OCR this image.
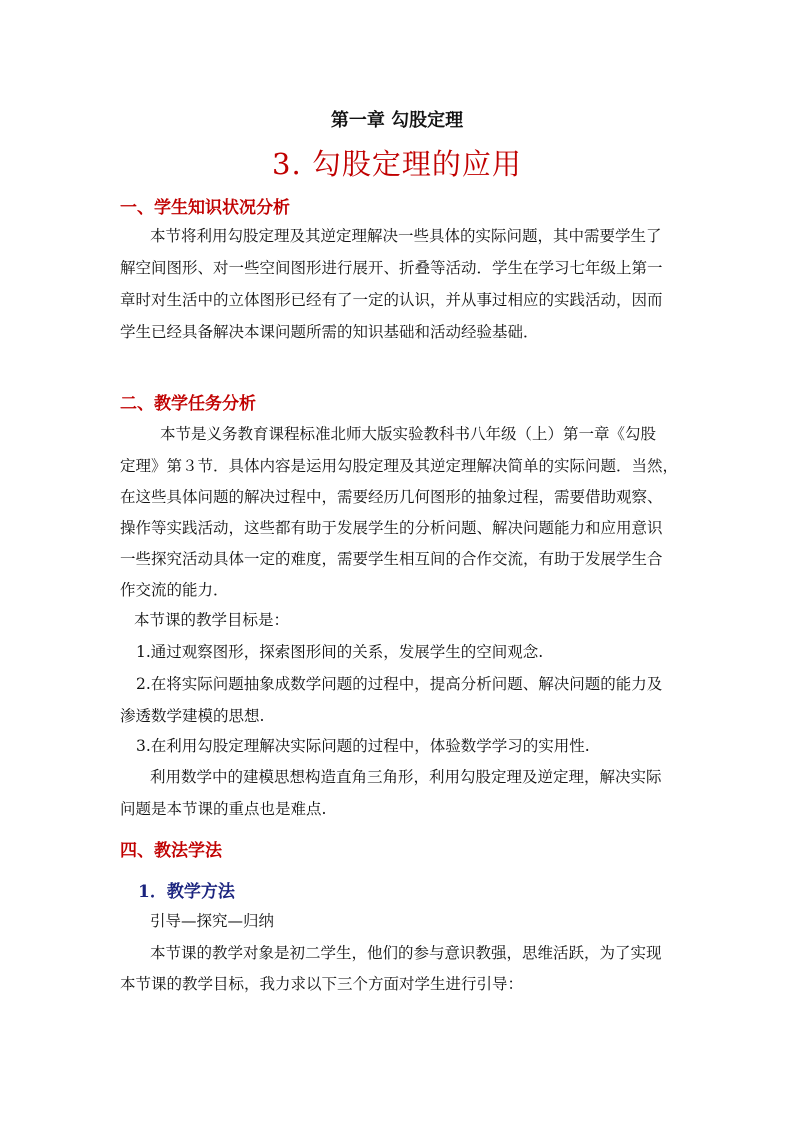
第一章 勾股定理
3. 勾股定理的应用
一、学生知识状况分析
本节将利用勾股定理及其逆定理解决一些具体的实际问题，其中需要学生了
解空间图形、对一些空间图形进行展开、折叠等活动．学生在学习七年级上第一
章时对生活中的立体图形已经有了一定的认识，并从事过相应的实践活动，因而
学生已经具备解决本课问题所需的知识基础和活动经验基础．
二、教学任务分析
本节是义务教育课程标准北师大版实验教科书八年级（上）第一章《勾股
定理》第３节．具体内容是运用勾股定理及其逆定理解决简单的实际问题．当然，
在这些具体问题的解决过程中，需要经历几何图形的抽象过程，需要借助观察、
操作等实践活动，这些都有助于发展学生的分析问题、解决问题能力和应用意识
一些探究活动具体一定的难度，需要学生相互间的合作交流，有助于发展学生合
作交流的能力．
本节课的教学目标是：
1.通过观察图形，探索图形间的关系，发展学生的空间观念.
2.在将实际问题抽象成数学问题的过程中，提高分析问题、解决问题的能力及
渗透数学建模的思想.
3.在利用勾股定理解决实际问题的过程中，体验数学学习的实用性.
利用数学中的建模思想构造直角三角形，利用勾股定理及逆定理，解决实际
问题是本节课的重点也是难点.
四、教法学法
1．教学方法
引导—探究—归纳
本节课的教学对象是初二学生，他们的参与意识教强，思维活跃，为了实现
本节课的教学目标，我力求以下三个方面对学生进行引导：
